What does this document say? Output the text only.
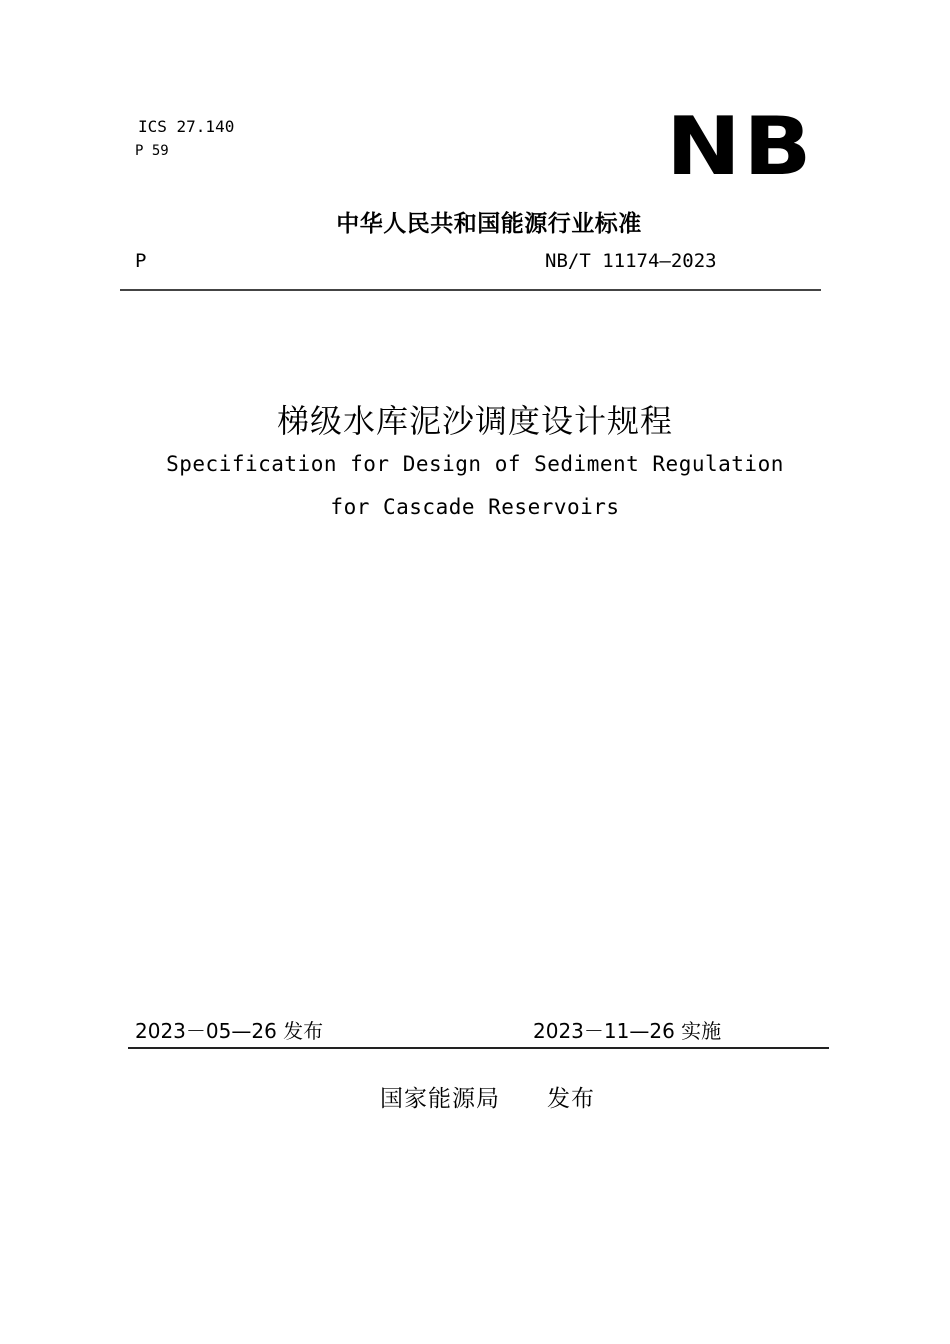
ICS 27.140
P 59	NB
中华人民共和国能源行业标准
P	NB/T 11174—2023
梯级水库泥沙调度设计规程
Specification for Design of Sediment Regulation
for Cascade Reservoirs
2023－05—26 发布	2023－11—26 实施
国家能源局 发布
